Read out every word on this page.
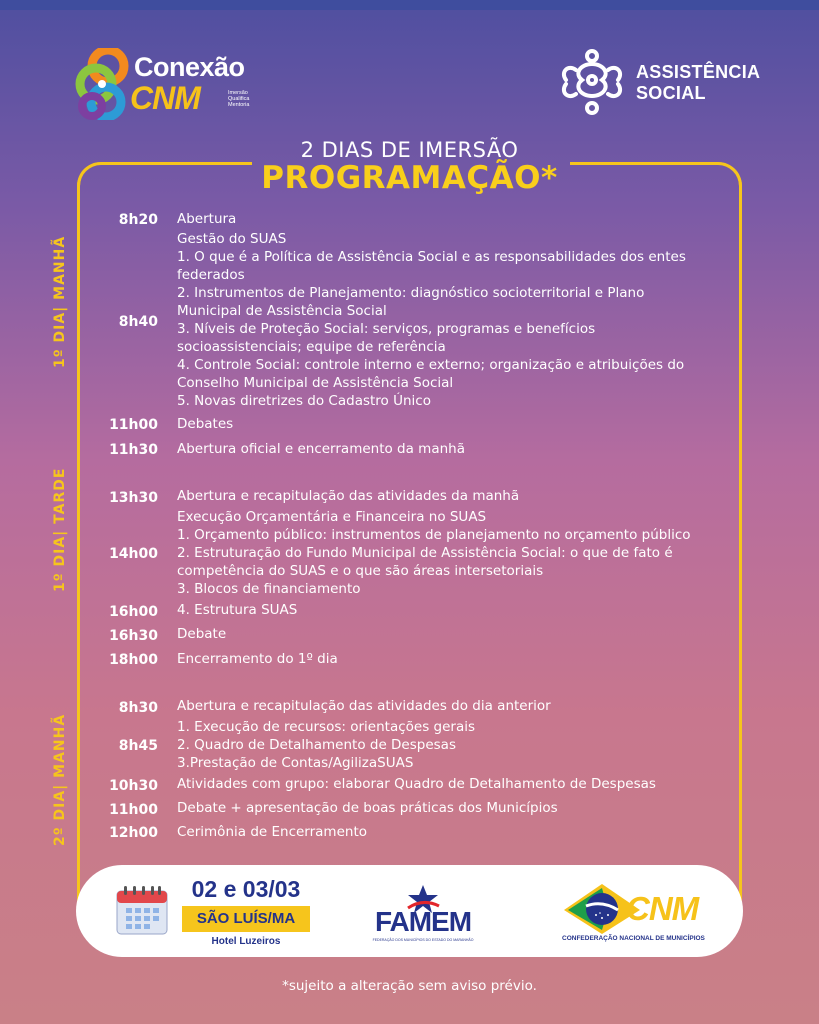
Conexão
CNM	Imersão
Qualifica
Mentoria
ASSISTÊNCIA
SOCIAL
2 DIAS DE IMERSÃO
PROGRAMAÇÃO*
1º DIA| MANHÃ
1º DIA| TARDE
2º DIA| MANHÃ
8h20 Abertura
8h40
Gestão do SUAS
1. O que é a Política de Assistência Social e as responsabilidades dos entes
federados
2. Instrumentos de Planejamento: diagnóstico socioterritorial e Plano
Municipal de Assistência Social
3. Níveis de Proteção Social: serviços, programas e benefícios
socioassistenciais; equipe de referência
4. Controle Social: controle interno e externo; organização e atribuições do
Conselho Municipal de Assistência Social
5. Novas diretrizes do Cadastro Único
11h00 Debates
11h30 Abertura oficial e encerramento da manhã
13h30 Abertura e recapitulação das atividades da manhã
14h00
Execução Orçamentária e Financeira no SUAS
1. Orçamento público: instrumentos de planejamento no orçamento público
2. Estruturação do Fundo Municipal de Assistência Social: o que de fato é
competência do SUAS e o que são áreas intersetoriais
3. Blocos de financiamento
16h00 4. Estrutura SUAS
16h30 Debate
18h00 Encerramento do 1º dia
8h30 Abertura e recapitulação das atividades do dia anterior
8h45
1. Execução de recursos: orientações gerais
2. Quadro de Detalhamento de Despesas
3.Prestação de Contas/AgilizaSUAS
10h30 Atividades com grupo: elaborar Quadro de Detalhamento de Despesas
11h00 Debate + apresentação de boas práticas dos Municípios
12h00 Cerimônia de Encerramento
02 e 03/03
SÃO LUÍS/MA
Hotel Luzeiros
FAMEM
FEDERAÇÃO DOS MUNICÍPIOS DO ESTADO DO MARANHÃO
CNM
CONFEDERAÇÃO NACIONAL DE MUNICÍPIOS
*sujeito a alteração sem aviso prévio.
